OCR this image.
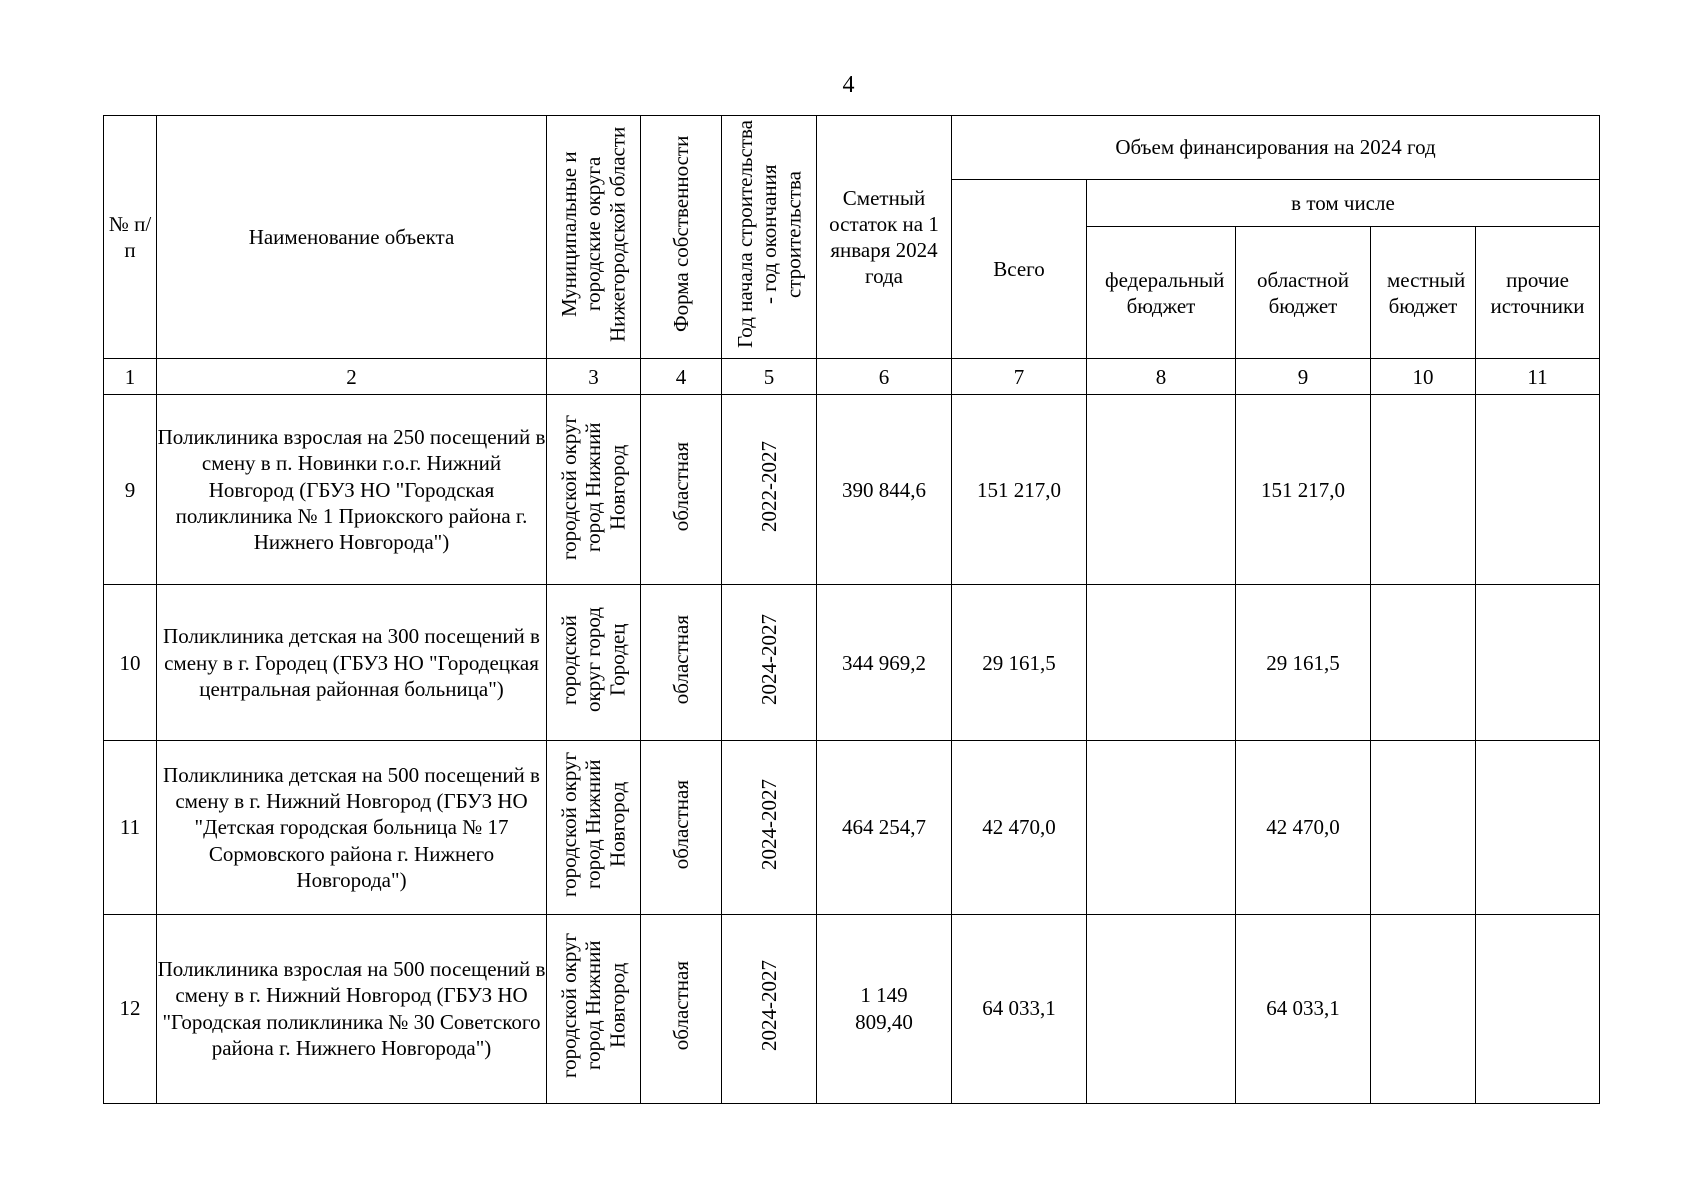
4
№ п/п	Наименование объекта	Муниципальные и городские округа Нижегородской области	Форма собственности	Год начала строительства - год окончания строительства	Сметный остаток на 1 января 2024 года	Объем финансирования на 2024 год				
						Всего	в том числе			
							федеральный бюджет	областной бюджет	местный бюджет	прочие источники
1	2	3	4	5	6	7	8	9	10	11
9	Поликлиника взрослая на 250 посещений в смену в п. Новинки г.о.г. Нижний Новгород (ГБУЗ НО "Городская поликлиника № 1 Приокского района г. Нижнего Новгорода")	городской округ город Нижний Новгород	областная	2022-2027	390 844,6	151 217,0		151 217,0		
10	Поликлиника детская на 300 посещений в смену в г. Городец (ГБУЗ НО "Городецкая центральная районная больница")	городской округ город Городец	областная	2024-2027	344 969,2	29 161,5		29 161,5		
11	Поликлиника детская на 500 посещений в смену в г. Нижний Новгород (ГБУЗ НО "Детская городская больница № 17 Сормовского района г. Нижнего Новгорода")	городской округ город Нижний Новгород	областная	2024-2027	464 254,7	42 470,0		42 470,0		
12	Поликлиника взрослая на 500 посещений в смену в г. Нижний Новгород (ГБУЗ НО "Городская поликлиника № 30 Советского района г. Нижнего Новгорода")	городской округ город Нижний Новгород	областная	2024-2027	1 149 809,40	64 033,1		64 033,1		
